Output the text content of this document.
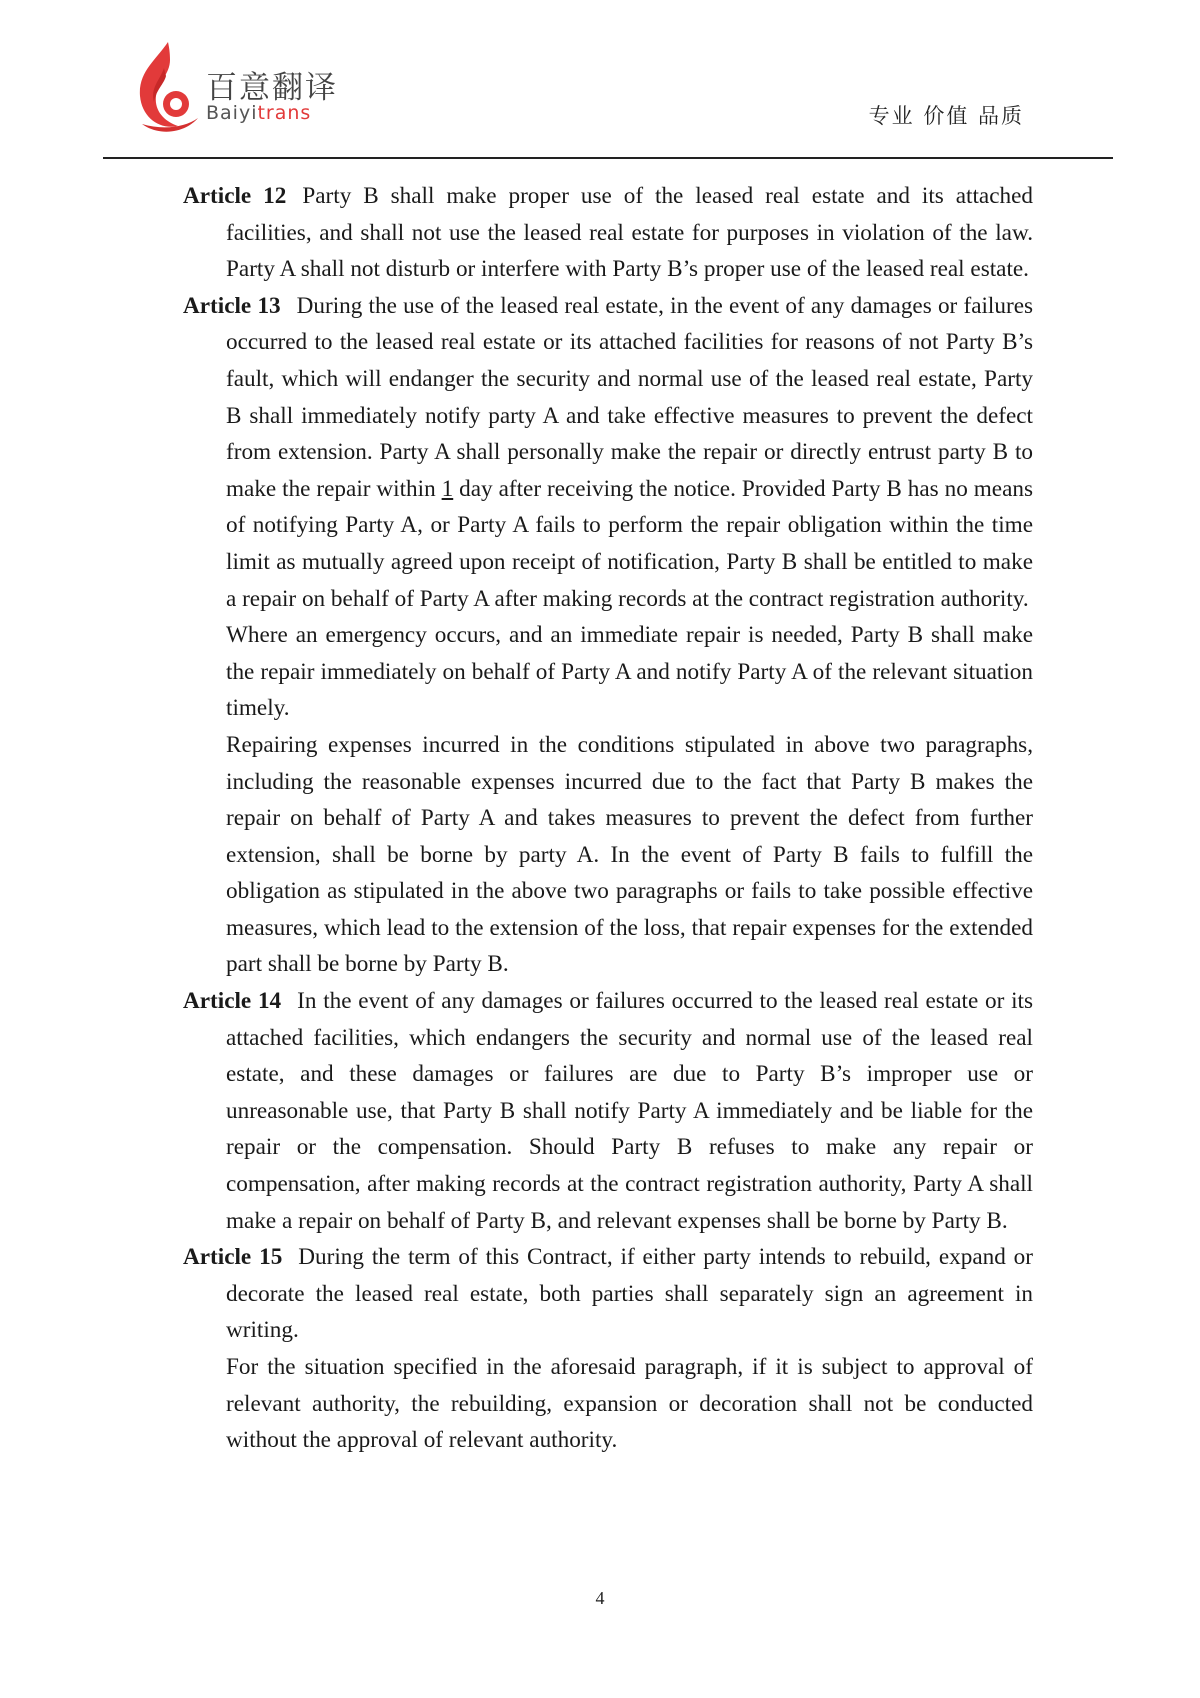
百意翻译
Baiyitrans	专业 价值 品质

Article 12 Party B shall make proper use of the leased real estate and its attached facilities, and shall not use the leased real estate for purposes in violation of the law. Party A shall not disturb or interfere with Party B’s proper use of the leased real estate.

Article 13 During the use of the leased real estate, in the event of any damages or failures occurred to the leased real estate or its attached facilities for reasons of not Party B’s fault, which will endanger the security and normal use of the leased real estate, Party B shall immediately notify party A and take effective measures to prevent the defect from extension. Party A shall personally make the repair or directly entrust party B to make the repair within 1 day after receiving the notice. Provided Party B has no means of notifying Party A, or Party A fails to perform the repair obligation within the time limit as mutually agreed upon receipt of notification, Party B shall be entitled to make a repair on behalf of Party A after making records at the contract registration authority.

Where an emergency occurs, and an immediate repair is needed, Party B shall make the repair immediately on behalf of Party A and notify Party A of the relevant situation timely.

Repairing expenses incurred in the conditions stipulated in above two paragraphs, including the reasonable expenses incurred due to the fact that Party B makes the repair on behalf of Party A and takes measures to prevent the defect from further extension, shall be borne by party A. In the event of Party B fails to fulfill the obligation as stipulated in the above two paragraphs or fails to take possible effective measures, which lead to the extension of the loss, that repair expenses for the extended part shall be borne by Party B.

Article 14 In the event of any damages or failures occurred to the leased real estate or its attached facilities, which endangers the security and normal use of the leased real estate, and these damages or failures are due to Party B’s improper use or unreasonable use, that Party B shall notify Party A immediately and be liable for the repair or the compensation. Should Party B refuses to make any repair or compensation, after making records at the contract registration authority, Party A shall make a repair on behalf of Party B, and relevant expenses shall be borne by Party B.

Article 15 During the term of this Contract, if either party intends to rebuild, expand or decorate the leased real estate, both parties shall separately sign an agreement in writing.

For the situation specified in the aforesaid paragraph, if it is subject to approval of relevant authority, the rebuilding, expansion or decoration shall not be conducted without the approval of relevant authority.

4
